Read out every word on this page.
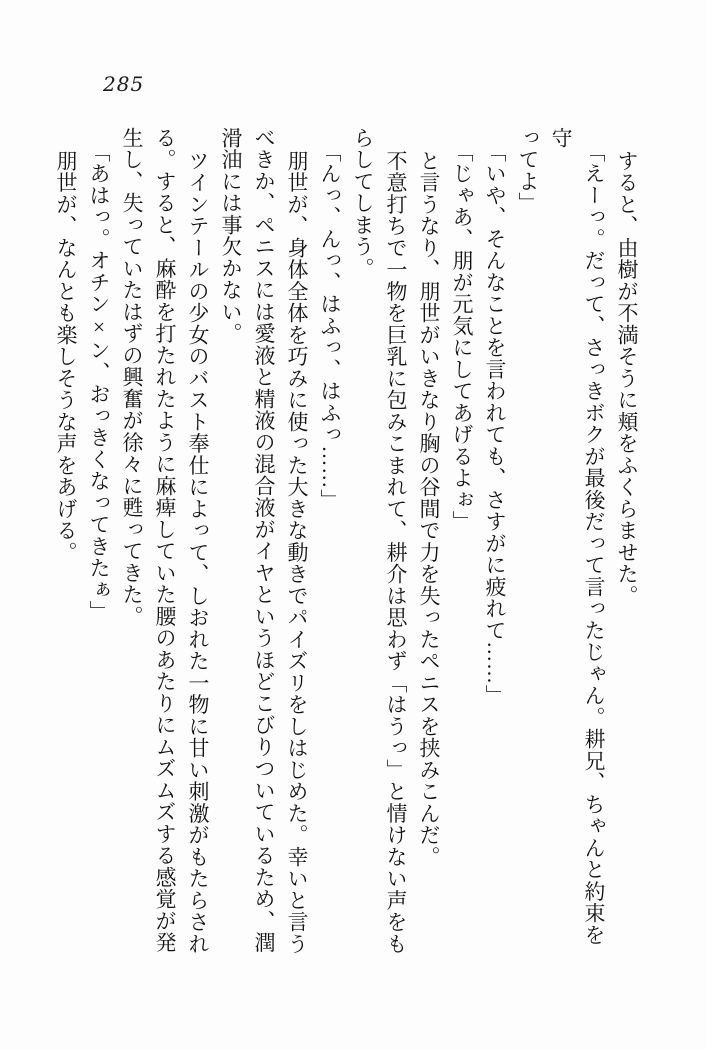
285

すると、由樹が不満そうに頬をふくらませた。

「えーっ。だって、さっきボクが最後だって言ったじゃん。耕兄、ちゃんと約束を守

ってよ」

「いや、そんなことを言われても、さすがに疲れて……」

「じゃあ、朋が元気にしてあげるよぉ」

と言うなり、朋世がいきなり胸の谷間で力を失ったペニスを挟みこんだ。

不意打ちで一物を巨乳に包みこまれて、耕介は思わず「はうっ」と情けない声をも

らしてしまう。

「んっ、んっ、はふっ、はふっ……」

朋世が、身体全体を巧みに使った大きな動きでパイズリをしはじめた。幸いと言う

べきか、ペニスには愛液と精液の混合液がイヤというほどこびりついているため、潤

滑油には事欠かない。

ツインテールの少女のバスト奉仕によって、しおれた一物に甘い刺激がもたらされ

る。すると、麻酔を打たれたように麻痺していた腰のあたりにムズムズする感覚が発

生し、失っていたはずの興奮が徐々に甦ってきた。

「あはっ。オチン×ン、おっきくなってきたぁ」

朋世が、なんとも楽しそうな声をあげる。
